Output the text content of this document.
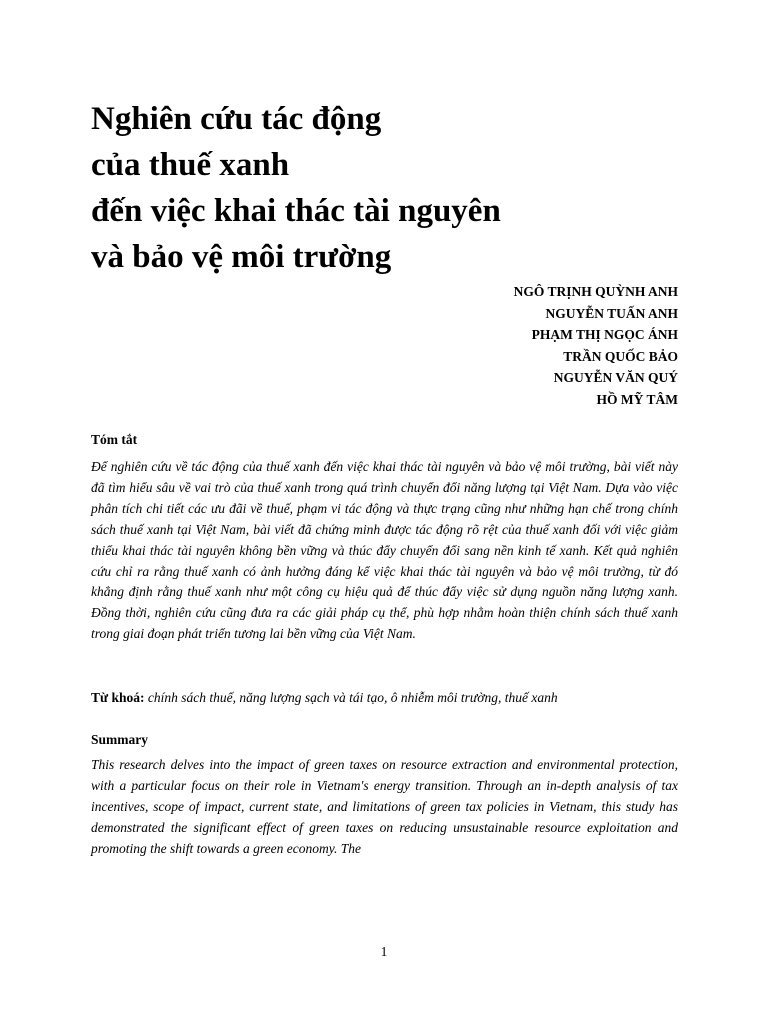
Nghiên cứu tác động
của thuế xanh
đến việc khai thác tài nguyên
và bảo vệ môi trường
NGÔ TRỊNH QUỲNH ANH
NGUYỄN TUẤN ANH
PHẠM THỊ NGỌC ÁNH
TRẦN QUỐC BẢO
NGUYỄN VĂN QUÝ
HỒ MỸ TÂM
Tóm tắt

Để nghiên cứu về tác động của thuế xanh đến việc khai thác tài nguyên và bảo vệ môi trường, bài viết này đã tìm hiểu sâu về vai trò của thuế xanh trong quá trình chuyển đổi năng lượng tại Việt Nam. Dựa vào việc phân tích chi tiết các ưu đãi về thuế, phạm vi tác động và thực trạng cũng như những hạn chế trong chính sách thuế xanh tại Việt Nam, bài viết đã chứng minh được tác động rõ rệt của thuế xanh đối với việc giảm thiểu khai thác tài nguyên không bền vững và thúc đẩy chuyển đổi sang nền kinh tế xanh. Kết quả nghiên cứu chỉ ra rằng thuế xanh có ảnh hưởng đáng kể việc khai thác tài nguyên và bảo vệ môi trường, từ đó khẳng định rằng thuế xanh như một công cụ hiệu quả để thúc đẩy việc sử dụng nguồn năng lượng xanh. Đồng thời, nghiên cứu cũng đưa ra các giải pháp cụ thể, phù hợp nhằm hoàn thiện chính sách thuế xanh trong giai đoạn phát triển tương lai bền vững của Việt Nam.

Từ khoá: chính sách thuế, năng lượng sạch và tái tạo, ô nhiễm môi trường, thuế xanh
Summary

This research delves into the impact of green taxes on resource extraction and environmental protection, with a particular focus on their role in Vietnam's energy transition. Through an in-depth analysis of tax incentives, scope of impact, current state, and limitations of green tax policies in Vietnam, this study has demonstrated the significant effect of green taxes on reducing unsustainable resource exploitation and promoting the shift towards a green economy. The

1
